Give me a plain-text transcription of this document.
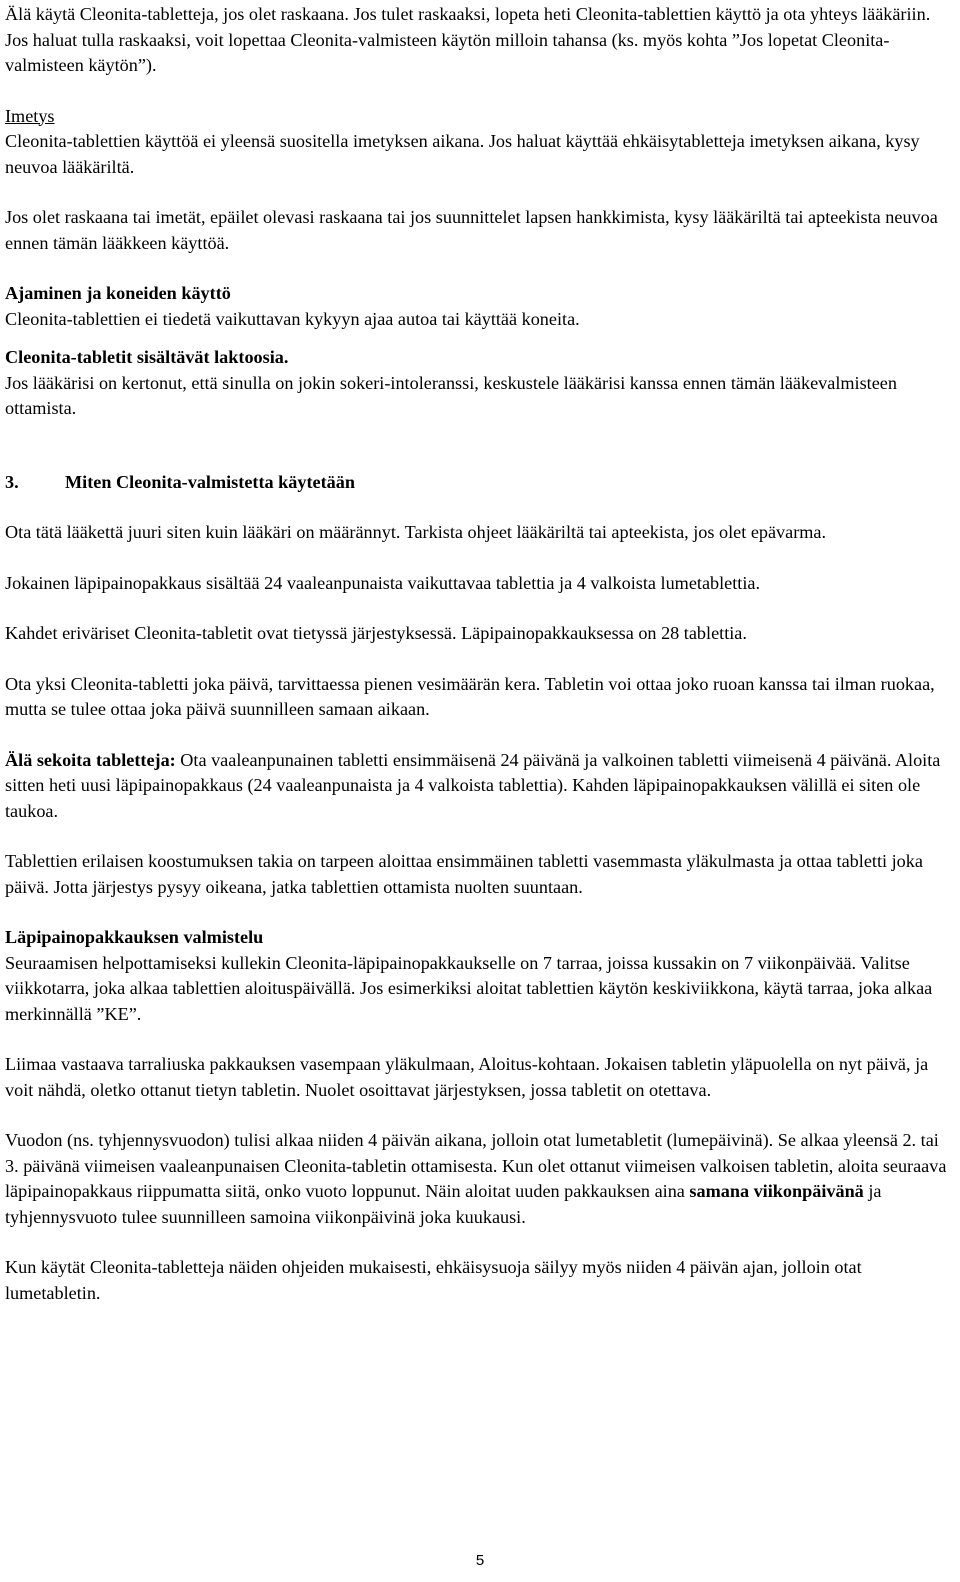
Älä käytä Cleonita-tabletteja, jos olet raskaana. Jos tulet raskaaksi, lopeta heti Cleonita-tablettien käyttö ja ota yhteys lääkäriin. Jos haluat tulla raskaaksi, voit lopettaa Cleonita-valmisteen käytön milloin tahansa (ks. myös kohta ”Jos lopetat Cleonita-valmisteen käytön”).

Imetys

Cleonita-tablettien käyttöä ei yleensä suositella imetyksen aikana. Jos haluat käyttää ehkäisytabletteja imetyksen aikana, kysy neuvoa lääkäriltä.

Jos olet raskaana tai imetät, epäilet olevasi raskaana tai jos suunnittelet lapsen hankkimista, kysy lääkäriltä tai apteekista neuvoa ennen tämän lääkkeen käyttöä.

Ajaminen ja koneiden käyttö

Cleonita-tablettien ei tiedetä vaikuttavan kykyyn ajaa autoa tai käyttää koneita.

Cleonita-tabletit sisältävät laktoosia.

Jos lääkärisi on kertonut, että sinulla on jokin sokeri-intoleranssi, keskustele lääkärisi kanssa ennen tämän lääkevalmisteen ottamista.

3.	Miten Cleonita-valmistetta käytetään

Ota tätä lääkettä juuri siten kuin lääkäri on määrännyt. Tarkista ohjeet lääkäriltä tai apteekista, jos olet epävarma.

Jokainen läpipainopakkaus sisältää 24 vaaleanpunaista vaikuttavaa tablettia ja 4 valkoista lumetablettia.

Kahdet eriväriset Cleonita-tabletit ovat tietyssä järjestyksessä. Läpipainopakkauksessa on 28 tablettia.

Ota yksi Cleonita-tabletti joka päivä, tarvittaessa pienen vesimäärän kera. Tabletin voi ottaa joko ruoan kanssa tai ilman ruokaa, mutta se tulee ottaa joka päivä suunnilleen samaan aikaan.

Älä sekoita tabletteja: Ota vaaleanpunainen tabletti ensimmäisenä 24 päivänä ja valkoinen tabletti viimeisenä 4 päivänä. Aloita sitten heti uusi läpipainopakkaus (24 vaaleanpunaista ja 4 valkoista tablettia). Kahden läpipainopakkauksen välillä ei siten ole taukoa.

Tablettien erilaisen koostumuksen takia on tarpeen aloittaa ensimmäinen tabletti vasemmasta yläkulmasta ja ottaa tabletti joka päivä. Jotta järjestys pysyy oikeana, jatka tablettien ottamista nuolten suuntaan.

Läpipainopakkauksen valmistelu

Seuraamisen helpottamiseksi kullekin Cleonita-läpipainopakkaukselle on 7 tarraa, joissa kussakin on 7 viikonpäivää. Valitse viikkotarra, joka alkaa tablettien aloituspäivällä. Jos esimerkiksi aloitat tablettien käytön keskiviikkona, käytä tarraa, joka alkaa merkinnällä ”KE”.

Liimaa vastaava tarraliuska pakkauksen vasempaan yläkulmaan, Aloitus-kohtaan. Jokaisen tabletin yläpuolella on nyt päivä, ja voit nähdä, oletko ottanut tietyn tabletin. Nuolet osoittavat järjestyksen, jossa tabletit on otettava.

Vuodon (ns. tyhjennysvuodon) tulisi alkaa niiden 4 päivän aikana, jolloin otat lumetabletit (lumepäivinä). Se alkaa yleensä 2. tai 3. päivänä viimeisen vaaleanpunaisen Cleonita-tabletin ottamisesta. Kun olet ottanut viimeisen valkoisen tabletin, aloita seuraava läpipainopakkaus riippumatta siitä, onko vuoto loppunut. Näin aloitat uuden pakkauksen aina samana viikonpäivänä ja tyhjennysvuoto tulee suunnilleen samoina viikonpäivinä joka kuukausi.

Kun käytät Cleonita-tabletteja näiden ohjeiden mukaisesti, ehkäisysuoja säilyy myös niiden 4 päivän ajan, jolloin otat lumetabletin.

5
